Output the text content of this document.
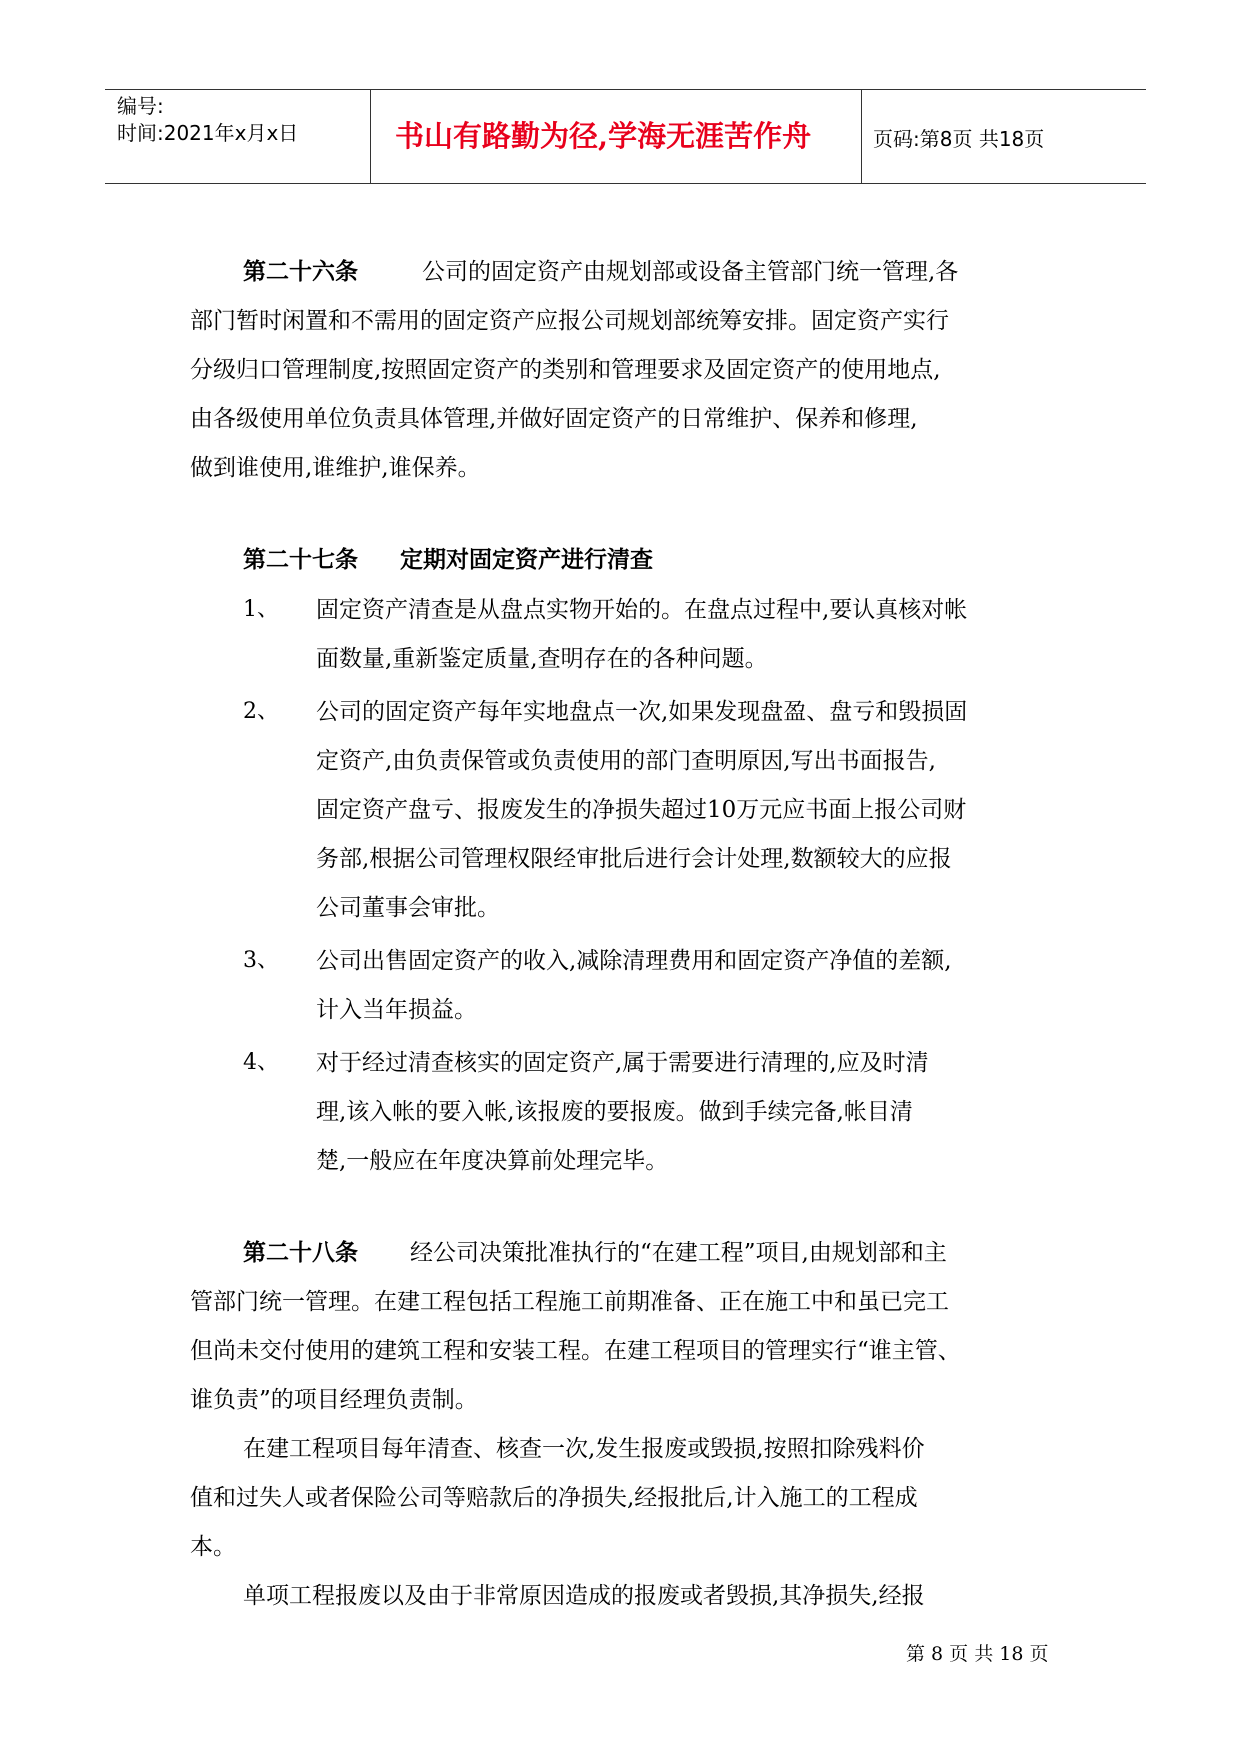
编号:
时间:2021年x月x日	书山有路勤为径,学海无涯苦作舟	页码:第8页 共18页
第二十六条	公司的固定资产由规划部或设备主管部门统一管理,各
部门暂时闲置和不需用的固定资产应报公司规划部统筹安排。固定资产实行
分级归口管理制度,按照固定资产的类别和管理要求及固定资产的使用地点,
由各级使用单位负责具体管理,并做好固定资产的日常维护、保养和修理,
做到谁使用,谁维护,谁保养。
第二十七条 定期对固定资产进行清查
1、 固定资产清查是从盘点实物开始的。在盘点过程中,要认真核对帐
面数量,重新鉴定质量,查明存在的各种问题。
2、 公司的固定资产每年实地盘点一次,如果发现盘盈、盘亏和毁损固
定资产,由负责保管或负责使用的部门查明原因,写出书面报告,
固定资产盘亏、报废发生的净损失超过10万元应书面上报公司财
务部,根据公司管理权限经审批后进行会计处理,数额较大的应报
公司董事会审批。
3、 公司出售固定资产的收入,减除清理费用和固定资产净值的差额,
计入当年损益。
4、 对于经过清查核实的固定资产,属于需要进行清理的,应及时清
理,该入帐的要入帐,该报废的要报废。做到手续完备,帐目清
楚,一般应在年度决算前处理完毕。
第二十八条 经公司决策批准执行的“在建工程”项目,由规划部和主
管部门统一管理。在建工程包括工程施工前期准备、正在施工中和虽已完工
但尚未交付使用的建筑工程和安装工程。在建工程项目的管理实行“谁主管、
谁负责”的项目经理负责制。
在建工程项目每年清查、核查一次,发生报废或毁损,按照扣除残料价
值和过失人或者保险公司等赔款后的净损失,经报批后,计入施工的工程成
本。
单项工程报废以及由于非常原因造成的报废或者毁损,其净损失,经报
第 8 页 共 18 页
